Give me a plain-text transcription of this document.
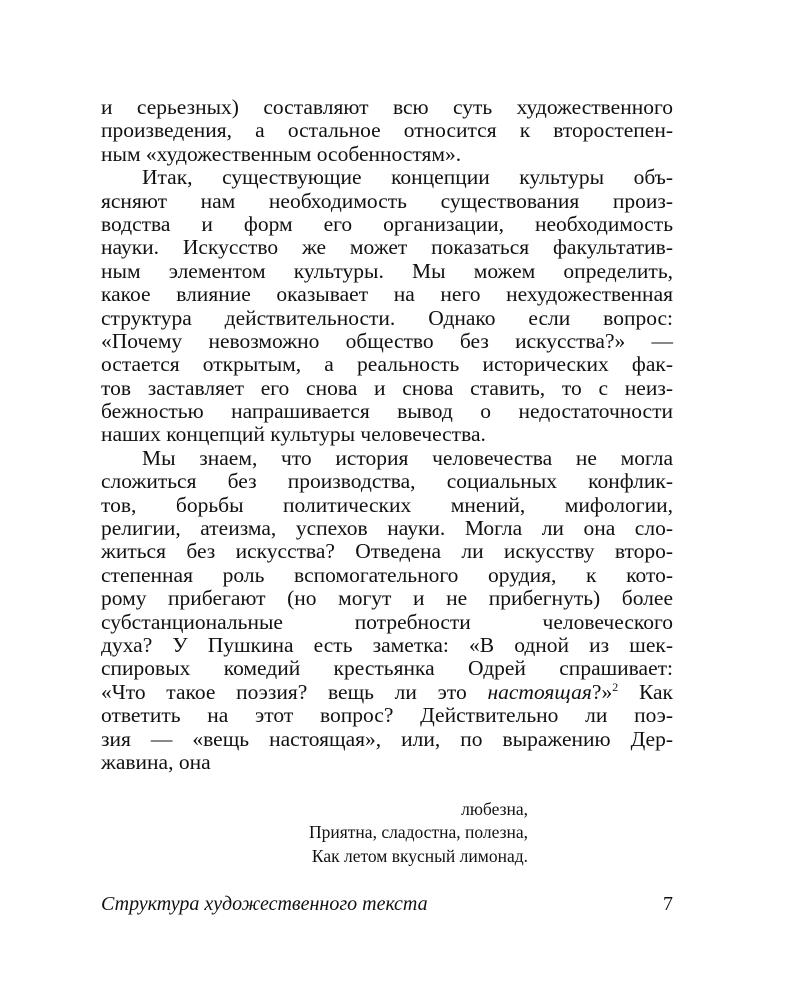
и серьезных) составляют всю суть художественного
произведения, а остальное относится к второстепен-
ным «художественным особенностям».
Итак, существующие концепции культуры объ-
ясняют нам необходимость существования произ-
водства и форм его организации, необходимость
науки. Искусство же может показаться факультатив-
ным элементом культуры. Мы можем определить,
какое влияние оказывает на него нехудожественная
структура действительности. Однако если вопрос:
«Почему невозможно общество без искусства?» —
остается открытым, а реальность исторических фак-
тов заставляет его снова и снова ставить, то с неиз-
бежностью напрашивается вывод о недостаточности
наших концепций культуры человечества.
Мы знаем, что история человечества не могла
сложиться без производства, социальных конфлик-
тов, борьбы политических мнений, мифологии,
религии, атеизма, успехов науки. Могла ли она сло-
житься без искусства? Отведена ли искусству второ-
степенная роль вспомогательного орудия, к кото-
рому прибегают (но могут и не прибегнуть) более
субстанциональные потребности человеческого
духа? У Пушкина есть заметка: «В одной из шек-
спировых комедий крестьянка Одрей спрашивает:
«Что такое поэзия? вещь ли это настоящая?»$^2$ Как
ответить на этот вопрос? Действительно ли поэ-
зия — «вещь настоящая», или, по выражению Дер-
жавина, она
любезна,
Приятна, сладостна, полезна,
Как летом вкусный лимонад.
Структура художественного текста	7
